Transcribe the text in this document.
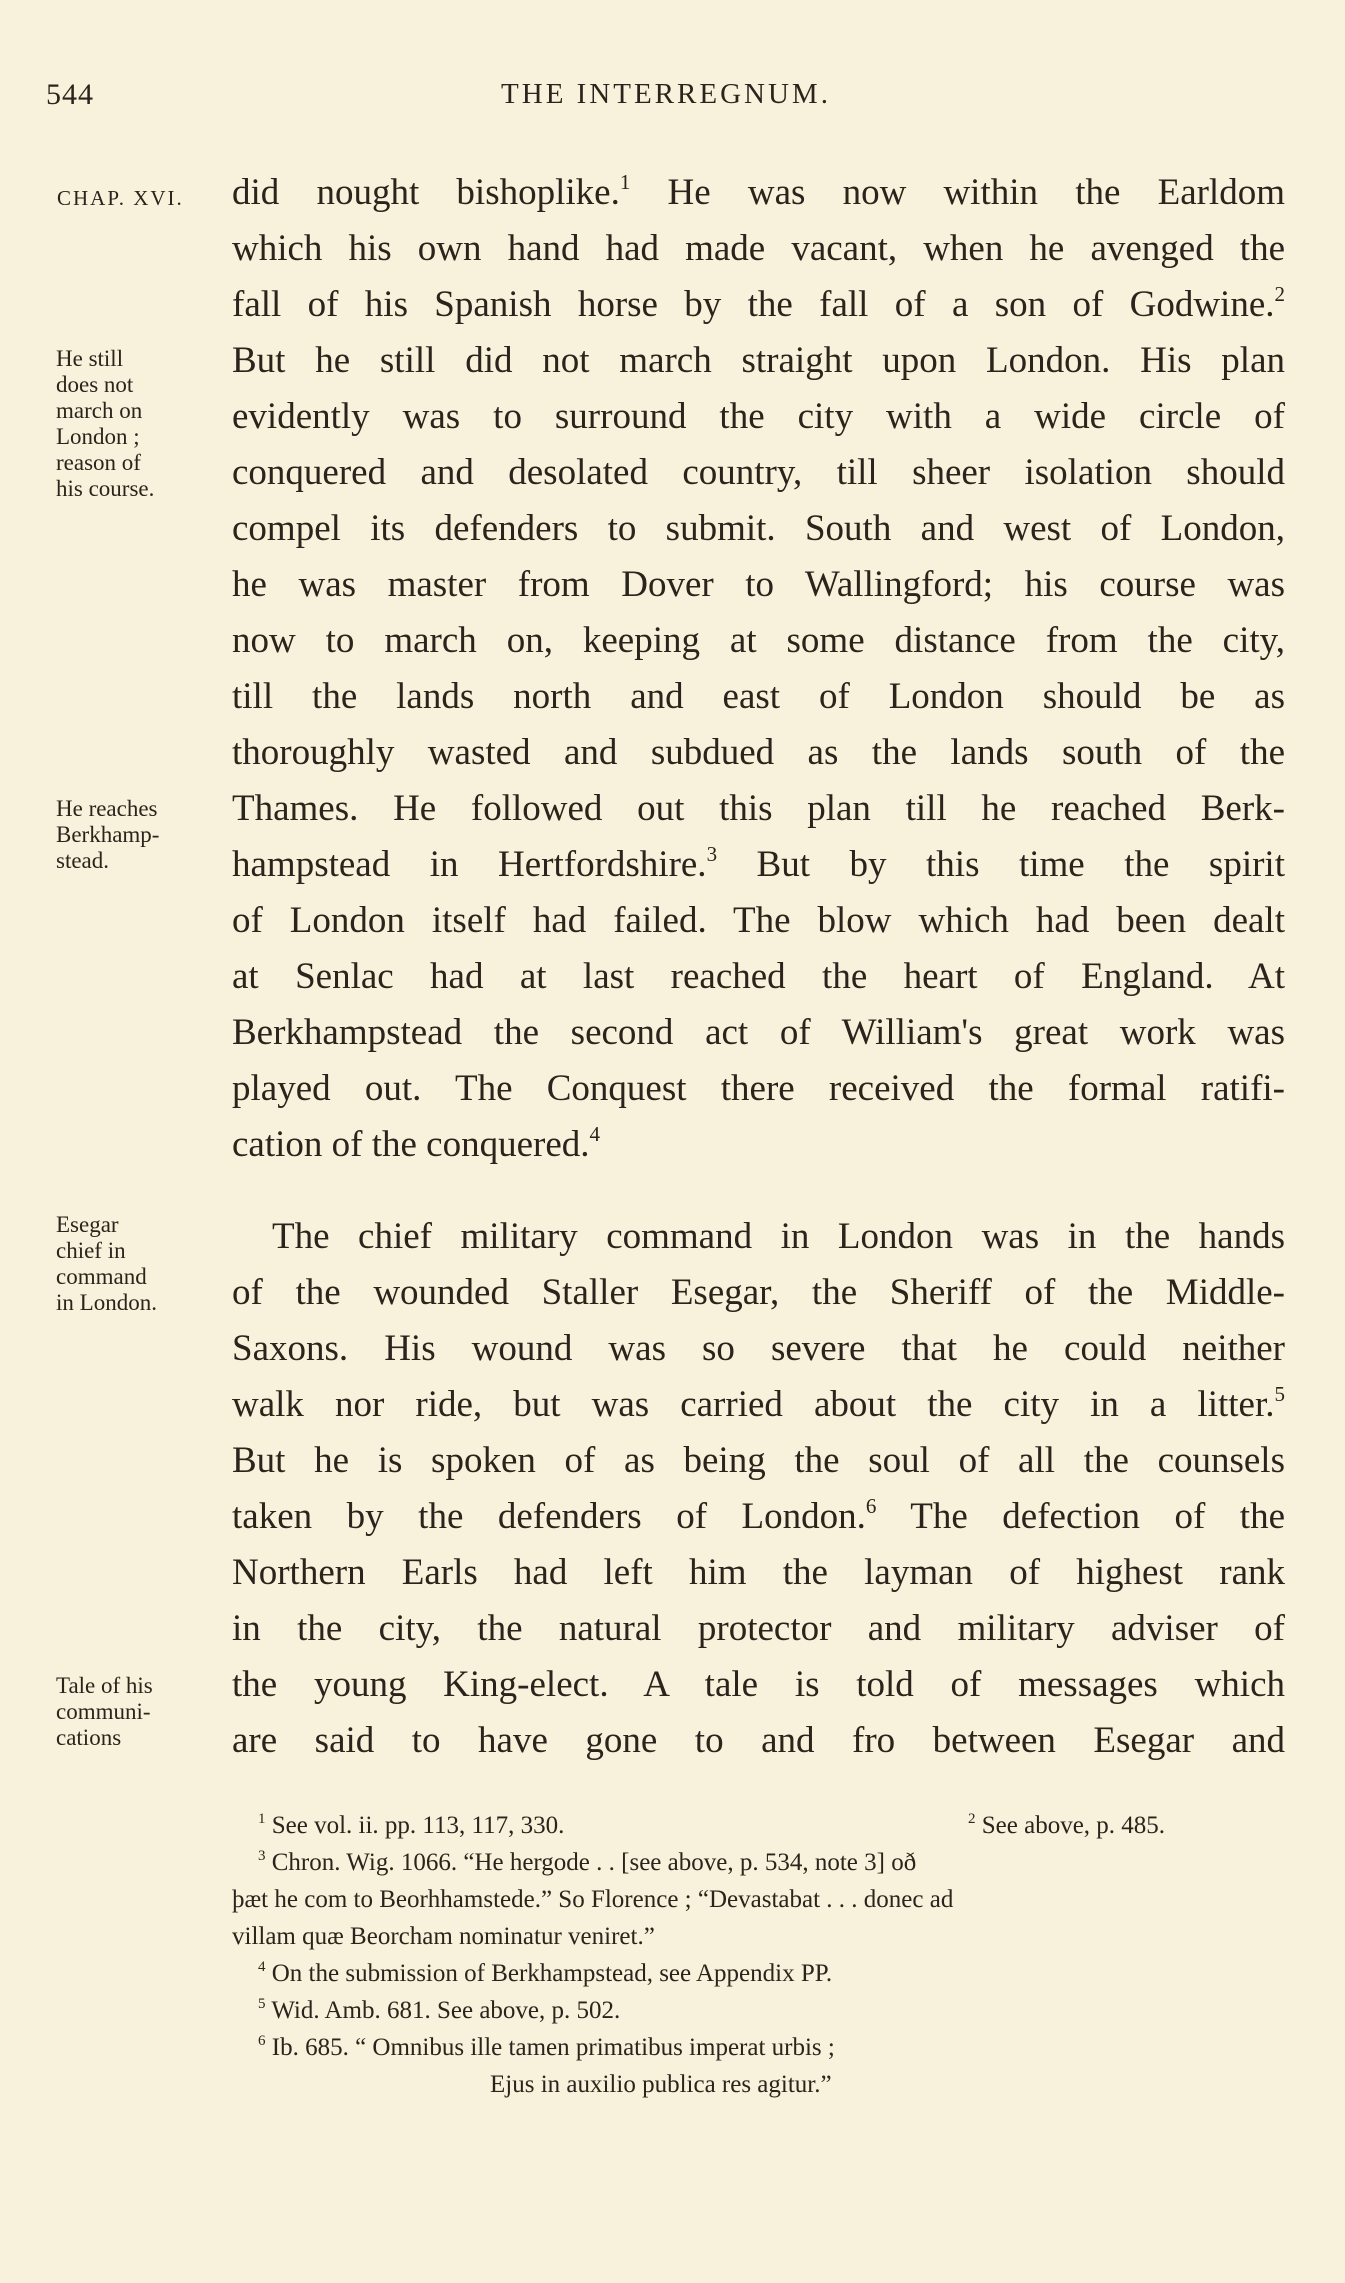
544	THE INTERREGNUM.
CHAP. XVI. did nought bishoplike.$^1$ He was now within the Earldom
which his own hand had made vacant, when he avenged the
fall of his Spanish horse by the fall of a son of Godwine.$^2$
But he still did not march straight upon London. His plan
evidently was to surround the city with a wide circle of
conquered and desolated country, till sheer isolation should
compel its defenders to submit. South and west of London,
he was master from Dover to Wallingford; his course was
now to march on, keeping at some distance from the city,
till the lands north and east of London should be as
thoroughly wasted and subdued as the lands south of the
Thames. He followed out this plan till he reached Berk-
hampstead in Hertfordshire.$^3$ But by this time the spirit
of London itself had failed. The blow which had been dealt
at Senlac had at last reached the heart of England. At
Berkhampstead the second act of William's great work was
played out. The Conquest there received the formal ratifi-
cation of the conquered.$^4$
The chief military command in London was in the hands
of the wounded Staller Esegar, the Sheriff of the Middle-
Saxons. His wound was so severe that he could neither
walk nor ride, but was carried about the city in a litter.$^5$
But he is spoken of as being the soul of all the counsels
taken by the defenders of London.$^6$ The defection of the
Northern Earls had left him the layman of highest rank
in the city, the natural protector and military adviser of
the young King-elect. A tale is told of messages which
are said to have gone to and fro between Esegar and
He still
does not
march on
London ;
reason of
his course.
He reaches
Berkhamp-
stead.
Esegar
chief in
command
in London.
Tale of his
communi-
cations
$^1$ See vol. ii. pp. 113, 117, 330.	$^2$ See above, p. 485.
$^3$ Chron. Wig. 1066. “He hergode . . [see above, p. 534, note 3] oð
þæt he com to Beorhhamstede.” So Florence ; “Devastabat . . . donec ad
villam quæ Beorcham nominatur veniret.”
$^4$ On the submission of Berkhampstead, see Appendix PP.
$^5$ Wid. Amb. 681. See above, p. 502.
$^6$ Ib. 685. “ Omnibus ille tamen primatibus imperat urbis ;
Ejus in auxilio publica res agitur.”
